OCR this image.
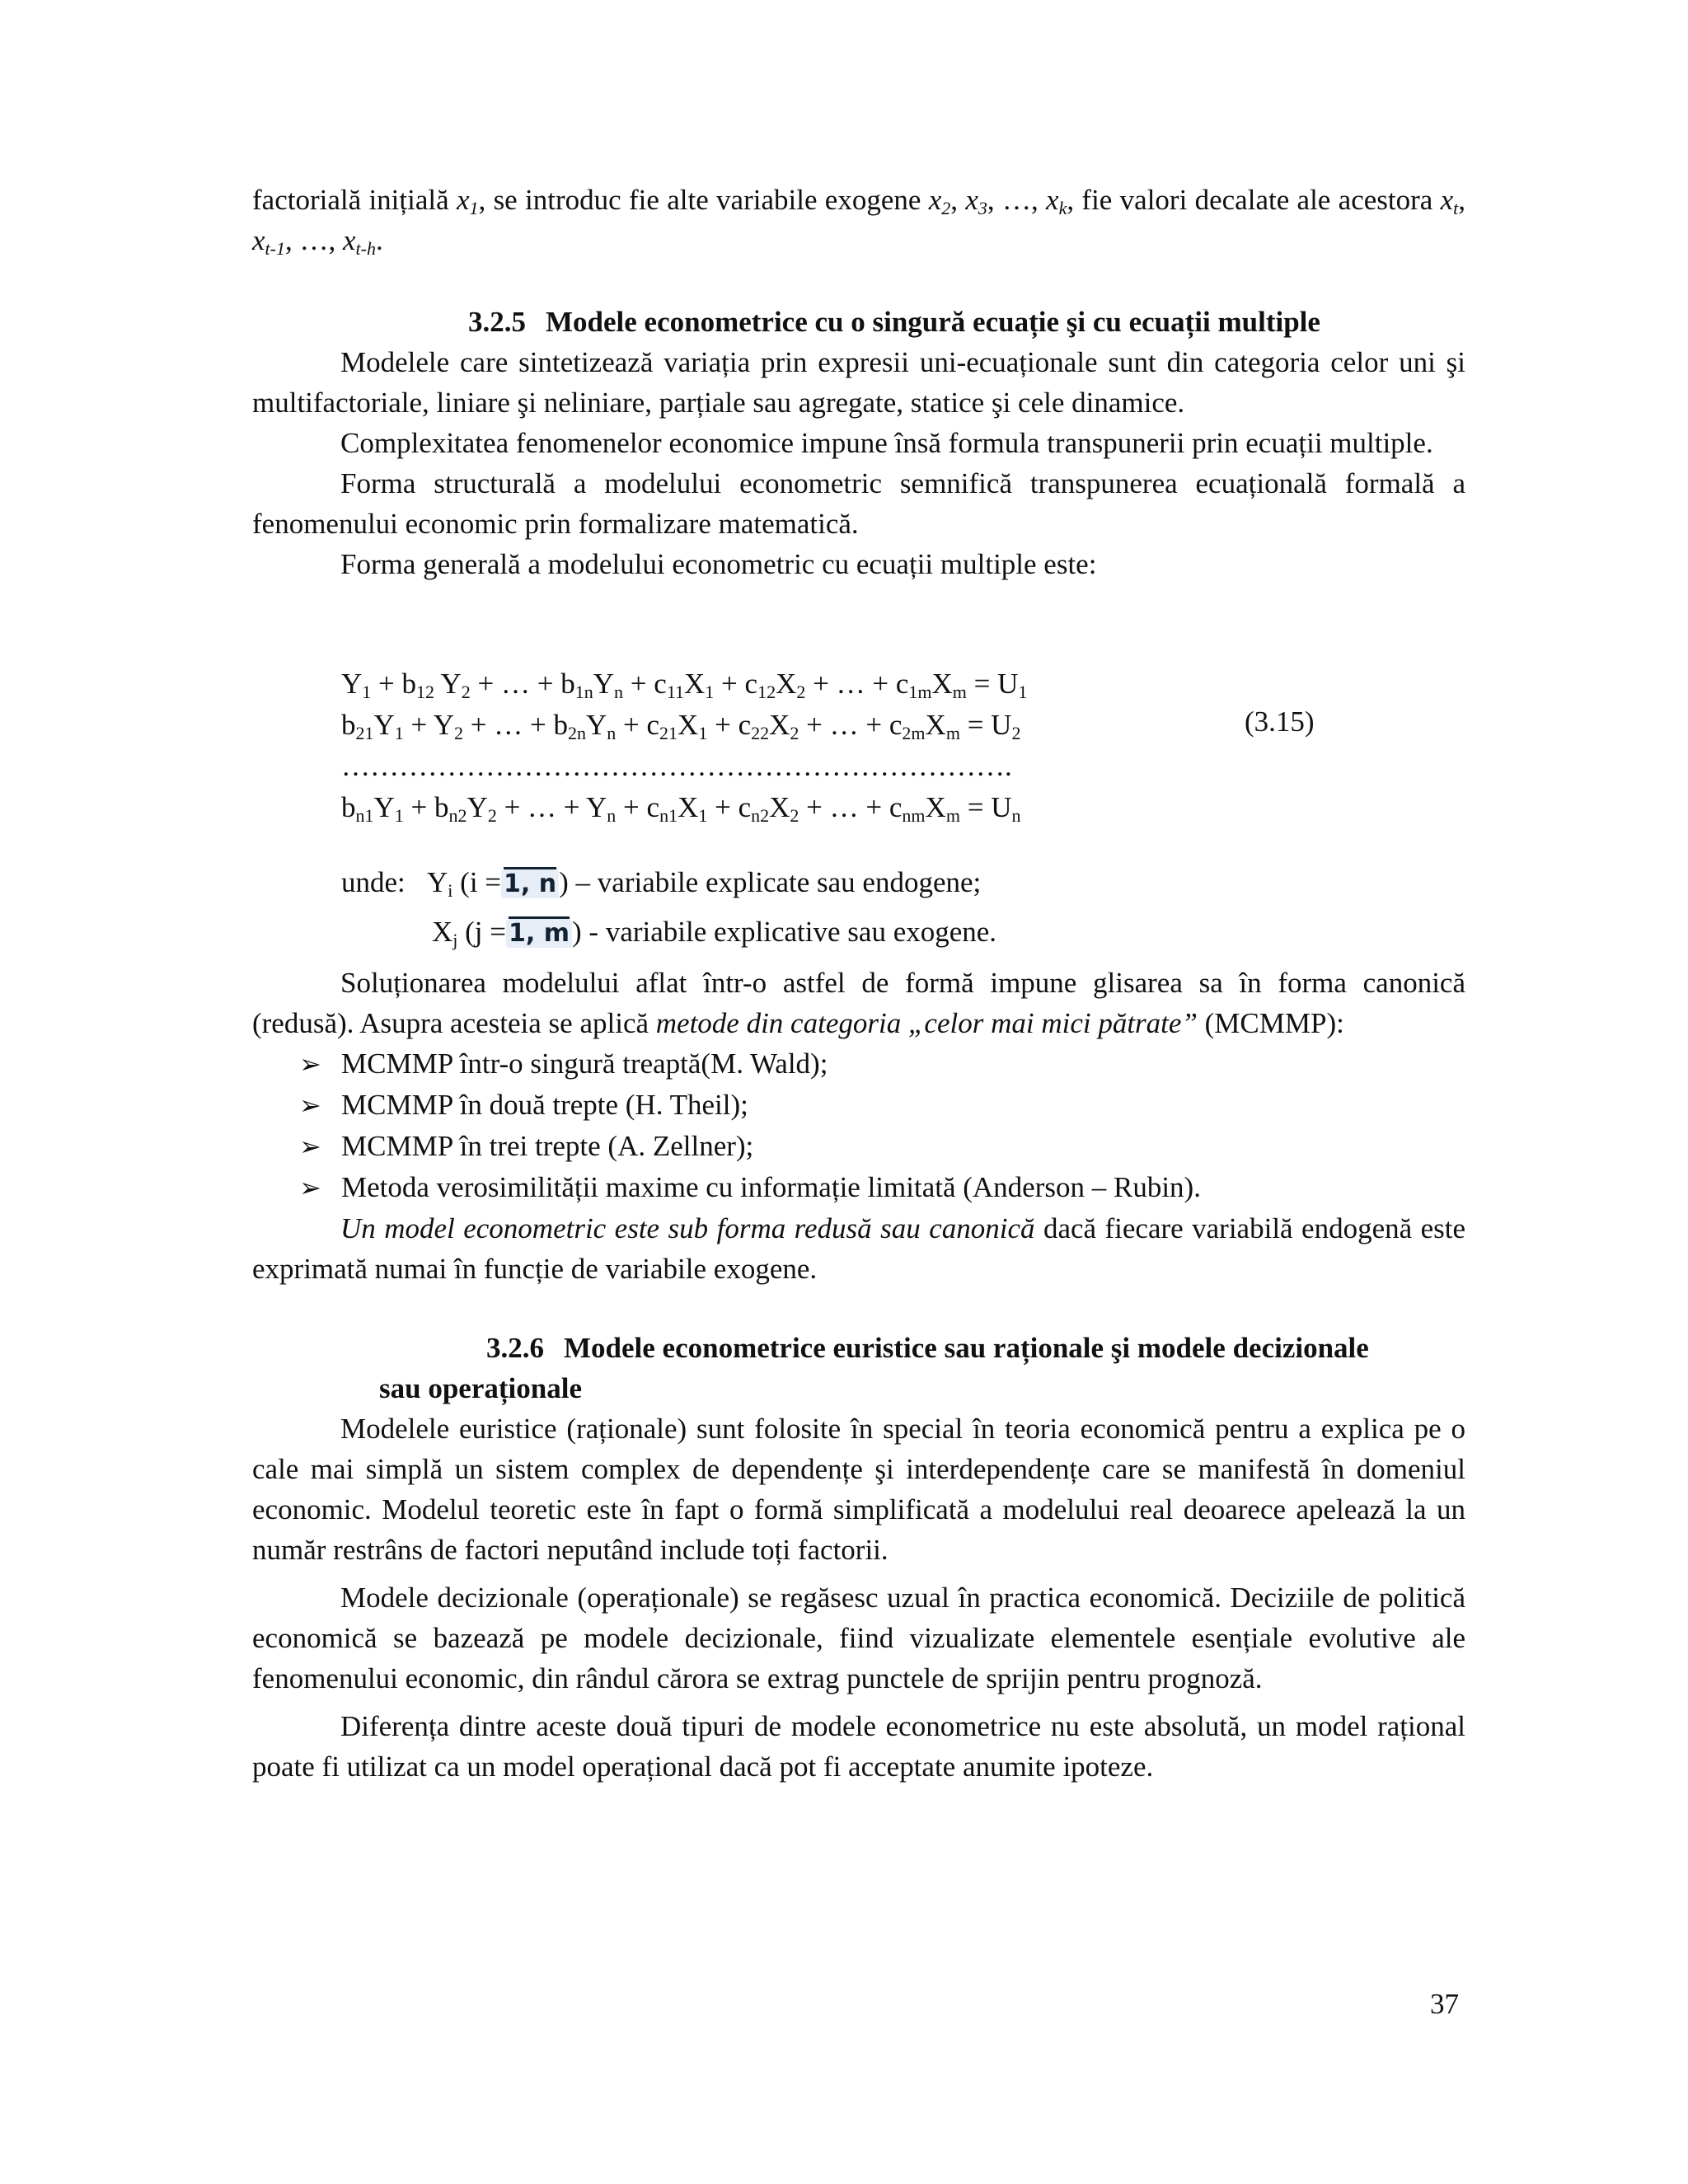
factorială inițială $x_1$, se introduc fie alte variabile exogene $x_2$, $x_3$, …, $x_k$, fie valori decalate ale acestora $x_t$, $x_{t-1}$, …, $x_{t-h}$.

3.2.5 Modele econometrice cu o singură ecuație şi cu ecuații multiple

Modelele care sintetizează variația prin expresii uni-ecuaționale sunt din categoria celor uni şi multifactoriale, liniare şi neliniare, parțiale sau agregate, statice şi cele dinamice.

Complexitatea fenomenelor economice impune însă formula transpunerii prin ecuații multiple.

Forma structurală a modelului econometric semnifică transpunerea ecuațională formală a fenomenului economic prin formalizare matematică.

Forma generală a modelului econometric cu ecuații multiple este:

$Y_1 + b_{12}$ $Y_2$ + … + $b_{1n}Y_n + c_{11}X_1 + c_{12}X_2$ + … + $c_{1m}X_m = U_1$
$b_{21}Y_1 + Y_2$ + … + $b_{2n}Y_n + c_{21}X_1 + c_{22}X_2$ + … + $c_{2m}X_m = U_2$
…………………………………………………………….
$b_{n1}Y_1 + b_{n2}Y_2$ + … + $Y_n + c_{n1}X_1 + c_{n2}X_2$ + … + $c_{nm}X_m = U_n$
(3.15)
unde: $Y_i$ (i = 1, n) – variabile explicate sau endogene;
$X_j$ (j = 1, m) - variabile explicative sau exogene.

Soluționarea modelului aflat într-o astfel de formă impune glisarea sa în forma canonică (redusă). Asupra acesteia se aplică metode din categoria „celor mai mici pătrate” (MCMMP):

➢ MCMMP într-o singură treaptă(M. Wald);
➢ MCMMP în două trepte (H. Theil);
➢ MCMMP în trei trepte (A. Zellner);
➢ Metoda verosimilității maxime cu informație limitată (Anderson – Rubin).

Un model econometric este sub forma redusă sau canonică dacă fiecare variabilă endogenă este exprimată numai în funcție de variabile exogene.

3.2.6 Modele econometrice euristice sau raționale şi modele decizionale
sau operaționale

Modelele euristice (raționale) sunt folosite în special în teoria economică pentru a explica pe o cale mai simplă un sistem complex de dependențe şi interdependențe care se manifestă în domeniul economic. Modelul teoretic este în fapt o formă simplificată a modelului real deoarece apelează la un număr restrâns de factori neputând include toți factorii.

Modele decizionale (operaționale) se regăsesc uzual în practica economică. Deciziile de politică economică se bazează pe modele decizionale, fiind vizualizate elementele esențiale evolutive ale fenomenului economic, din rândul cărora se extrag punctele de sprijin pentru prognoză.

Diferența dintre aceste două tipuri de modele econometrice nu este absolută, un model rațional poate fi utilizat ca un model operațional dacă pot fi acceptate anumite ipoteze.

37
